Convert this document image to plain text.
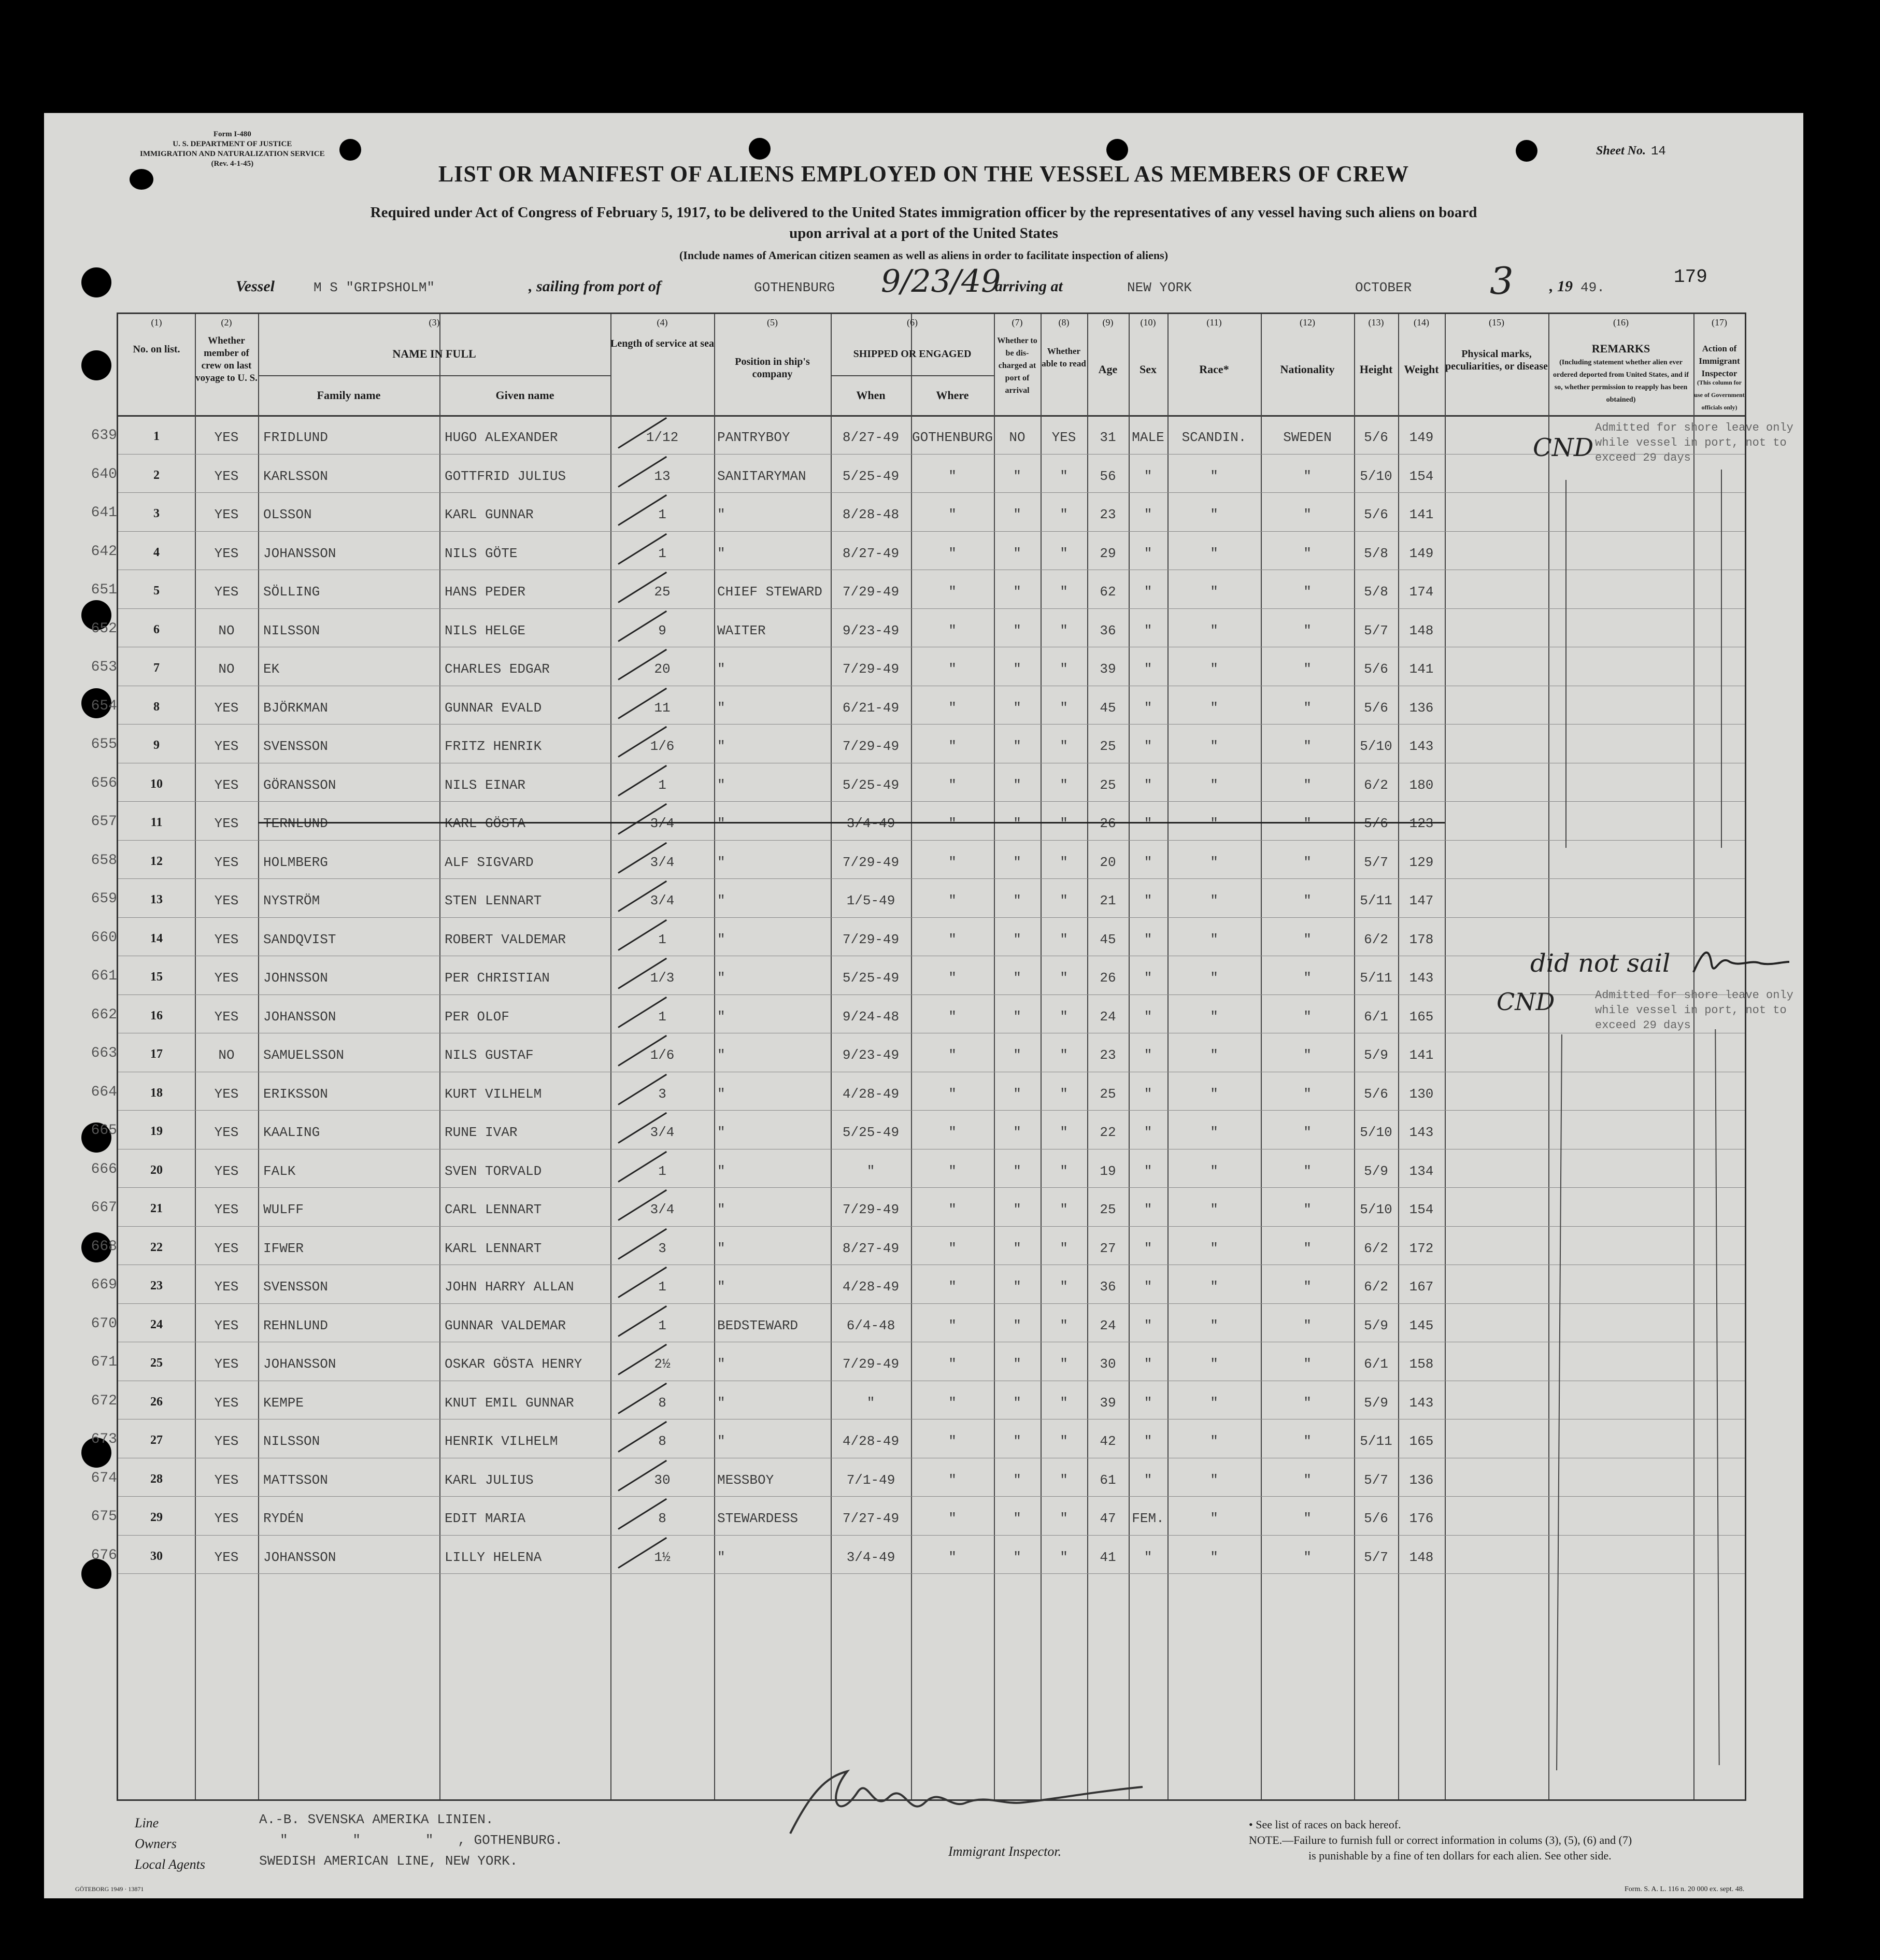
Form I-480
U. S. DEPARTMENT OF JUSTICE
IMMIGRATION AND NATURALIZATION SERVICE
(Rev. 4-1-45)
Sheet No. 14
LIST OR MANIFEST OF ALIENS EMPLOYED ON THE VESSEL AS MEMBERS OF CREW
Required under Act of Congress of February 5, 1917, to be delivered to the United States immigration officer by the representatives of any vessel having such aliens on board
upon arrival at a port of the United States
(Include names of American citizen seamen as well as aliens in order to facilitate inspection of aliens)
Vessel	M S "GRIPSHOLM"	, sailing from port of	GOTHENBURG 9/23/49
arriving at	NEW YORK	OCTOBER 3 , 19 49.	179
(1)	(2)	(3)	(4)	(5)	(6)	(7)	(8)	(9)	(10)	(11)	(12)	(13)	(14)	(15)	(16)	(17)
No. on list.
Whether member of crew on last voyage to U. S.
NAME IN FULL
Family name	Given name
Length of service at sea
Position in ship's company
SHIPPED OR ENGAGED
When	Where
Whether to be dis-charged at port of arrival
Whether able to read	Age	Sex	Race*	Nationality	Height	Weight
Physical marks, peculiarities, or disease
REMARKS
(Including statement whether alien ever ordered deported from United States, and if so, whether permission to reapply has been obtained)
Action of Immigrant Inspector
(This column for use of Government officials only)
639	1	YES	FRIDLUND	HUGO ALEXANDER	1/12	PANTRYBOY	8/27-49 GOTHENBURG	NO	YES	31	MALE	SCANDIN.	SWEDEN	5/6	149
640	2	YES	KARLSSON	GOTTFRID JULIUS	13	SANITARYMAN	5/25-49	"	"	"	56	"	"	"	5/10	154
641	3	YES	OLSSON	KARL GUNNAR	1	"	8/28-48	"	"	"	23	"	"	"	5/6	141
642	4	YES	JOHANSSON	NILS GÖTE	1	"	8/27-49	"	"	"	29	"	"	"	5/8	149
651	5	YES	SÖLLING	HANS PEDER	25	CHIEF STEWARD	7/29-49	"	"	"	62	"	"	"	5/8	174
652	6	NO	NILSSON	NILS HELGE	9	WAITER	9/23-49	"	"	"	36	"	"	"	5/7	148
653	7	NO	EK	CHARLES EDGAR	20	"	7/29-49	"	"	"	39	"	"	"	5/6	141
654	8	YES	BJÖRKMAN	GUNNAR EVALD	11	"	6/21-49	"	"	"	45	"	"	"	5/6	136
655	9	YES	SVENSSON	FRITZ HENRIK	1/6	"	7/29-49	"	"	"	25	"	"	"	5/10	143
656	10	YES	GÖRANSSON	NILS EINAR	1	"	5/25-49	"	"	"	25	"	"	"	6/2	180
657	11	YES	TERNLUND	KARL GÖSTA	3/4	"	3/4-49	"	"	"	26	"	"	"	5/6	123
658	12	YES	HOLMBERG	ALF SIGVARD	3/4	"	7/29-49	"	"	"	20	"	"	"	5/7	129
659	13	YES	NYSTRÖM	STEN LENNART	3/4	"	1/5-49	"	"	"	21	"	"	"	5/11	147
660	14	YES	SANDQVIST	ROBERT VALDEMAR	1	"	7/29-49	"	"	"	45	"	"	"	6/2	178
661	15	YES	JOHNSSON	PER CHRISTIAN	1/3	"	5/25-49	"	"	"	26	"	"	"	5/11	143
662	16	YES	JOHANSSON	PER OLOF	1	"	9/24-48	"	"	"	24	"	"	"	6/1	165
663	17	NO	SAMUELSSON	NILS GUSTAF	1/6	"	9/23-49	"	"	"	23	"	"	"	5/9	141
664	18	YES	ERIKSSON	KURT VILHELM	3	"	4/28-49	"	"	"	25	"	"	"	5/6	130
665	19	YES	KAALING	RUNE IVAR	3/4	"	5/25-49	"	"	"	22	"	"	"	5/10	143
666	20	YES	FALK	SVEN TORVALD	1	"	"	"	"	"	19	"	"	"	5/9	134
667	21	YES	WULFF	CARL LENNART	3/4	"	7/29-49	"	"	"	25	"	"	"	5/10	154
668	22	YES	IFWER	KARL LENNART	3	"	8/27-49	"	"	"	27	"	"	"	6/2	172
669	23	YES	SVENSSON	JOHN HARRY ALLAN	1	"	4/28-49	"	"	"	36	"	"	"	6/2	167
670	24	YES	REHNLUND	GUNNAR VALDEMAR	1	BEDSTEWARD	6/4-48	"	"	"	24	"	"	"	5/9	145
671	25	YES	JOHANSSON	OSKAR GÖSTA HENRY	2½	"	7/29-49	"	"	"	30	"	"	"	6/1	158
672	26	YES	KEMPE	KNUT EMIL GUNNAR	8	"	"	"	"	"	39	"	"	"	5/9	143
673	27	YES	NILSSON	HENRIK VILHELM	8	"	4/28-49	"	"	"	42	"	"	"	5/11	165
674	28	YES	MATTSSON	KARL JULIUS	30	MESSBOY	7/1-49	"	"	"	61	"	"	"	5/7	136
675	29	YES	RYDÉN	EDIT MARIA	8	STEWARDESS	7/27-49	"	"	"	47	FEM.	"	"	5/6	176
676	30	YES	JOHANSSON	LILLY HELENA	1½	"	3/4-49	"	"	"	41	"	"	"	5/7	148
CND
Admitted for shore leave only while vessel in port, not to exceed 29 days
did not sail
CND	Admitted for shore leave only while vessel in port, not to exceed 29 days
Line	A.-B. SVENSKA AMERIKA LINIEN.
Owners	"        "        "   , GOTHENBURG.
Local Agents	SWEDISH AMERICAN LINE, NEW YORK.
Immigrant Inspector.
• See list of races on back hereof.
NOTE.—Failure to furnish full or correct information in colums (3), (5), (6) and (7)
is punishable by a fine of ten dollars for each alien. See other side.
GÖTEBORG 1949 · 13871	Form. S. A. L. 116 n. 20 000 ex. sept. 48.
